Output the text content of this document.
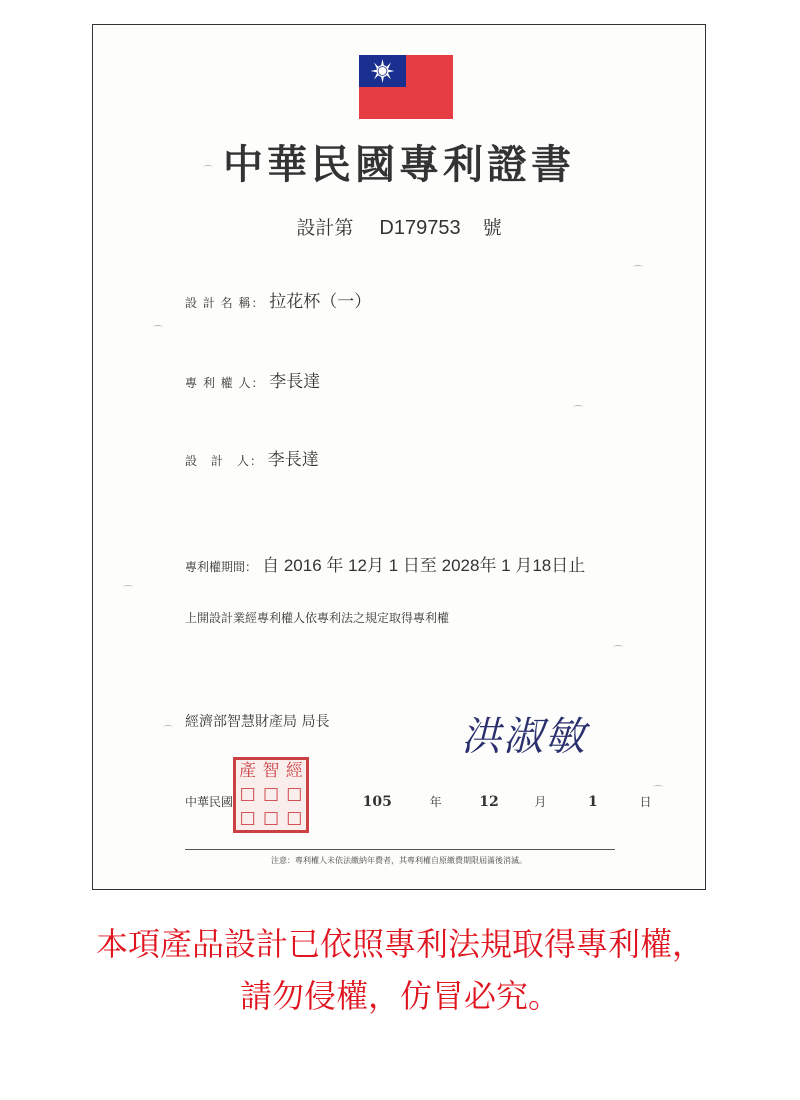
中華民國專利證書
設計第 D179753 號
設 計 名 稱： 拉花杯（一）
專 利 權 人： 李長達
設　計　人： 李長達
專利權期間： 自 2016 年 12月 1 日至 2028年 1 月18日止
上開設計業經專利權人依專利法之規定取得專利權
經濟部智慧財產局 局長	洪淑敏
中華民國	105	年	12	月	1	日
產 智 經
□ □ □
□ □ □
注意：專利權人未依法繳納年費者，其專利權自原繳費期限屆滿後消滅。
本項產品設計已依照專利法規取得專利權，
請勿侵權，仿冒必究。
